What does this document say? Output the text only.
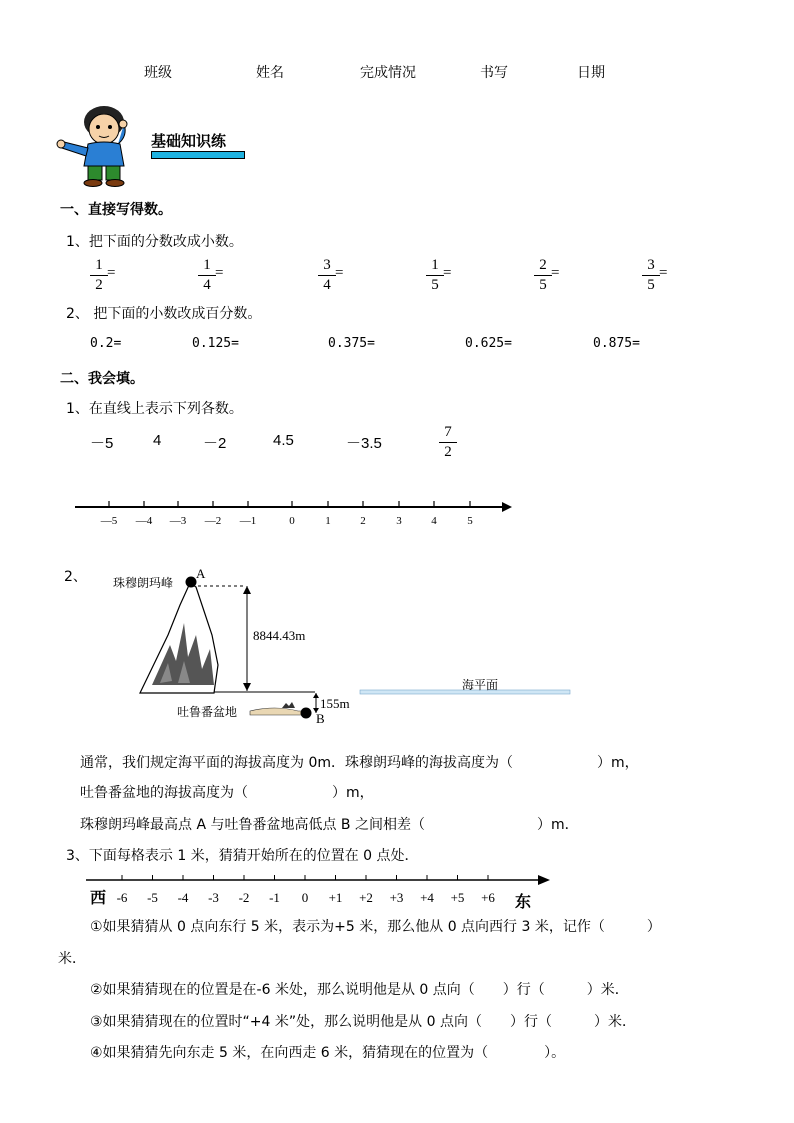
班级	姓名	完成情况	书写	日期
基础知识练
一、直接写得数。
1、把下面的分数改成小数。
2、 把下面的小数改成百分数。
0.2=	0.125=	0.375=	0.625=	0.875=
二、我会填。
1、在直线上表示下列各数。
－5	4	－2	4.5	－3.5
7
2
—5 —4 —3 —2 —1	0	1	2	3	4	5
2、 珠穆朗玛峰
A
8844.43m
海平面
吐鲁番盆地
155m
B
通常，我们规定海平面的海拔高度为 0m．珠穆朗玛峰的海拔高度为（　　　　　　）m，
吐鲁番盆地的海拔高度为（　　　　　　）m，
珠穆朗玛峰最高点 A 与吐鲁番盆地高低点 B 之间相差（　　　　　　　　）m．
3、下面每格表示 1 米，猜猜开始所在的位置在 0 点处．
-6 -5 -4 -3 -2 -1 0 +1 +2 +3 +4 +5 +6
西	东
①如果猜猜从 0 点向东行 5 米，表示为+5 米，那么他从 0 点向西行 3 米，记作（　　　）
米．
②如果猜猜现在的位置是在-6 米处，那么说明他是从 0 点向（　　）行（　　　）米．
③如果猜猜现在的位置时“+4 米”处，那么说明他是从 0 点向（　　）行（　　　）米．
④如果猜猜先向东走 5 米，在向西走 6 米，猜猜现在的位置为（　　　　）。
1
2
=	1
4
=	3
4
=	1
5
=	2
5
=	3
5
=
